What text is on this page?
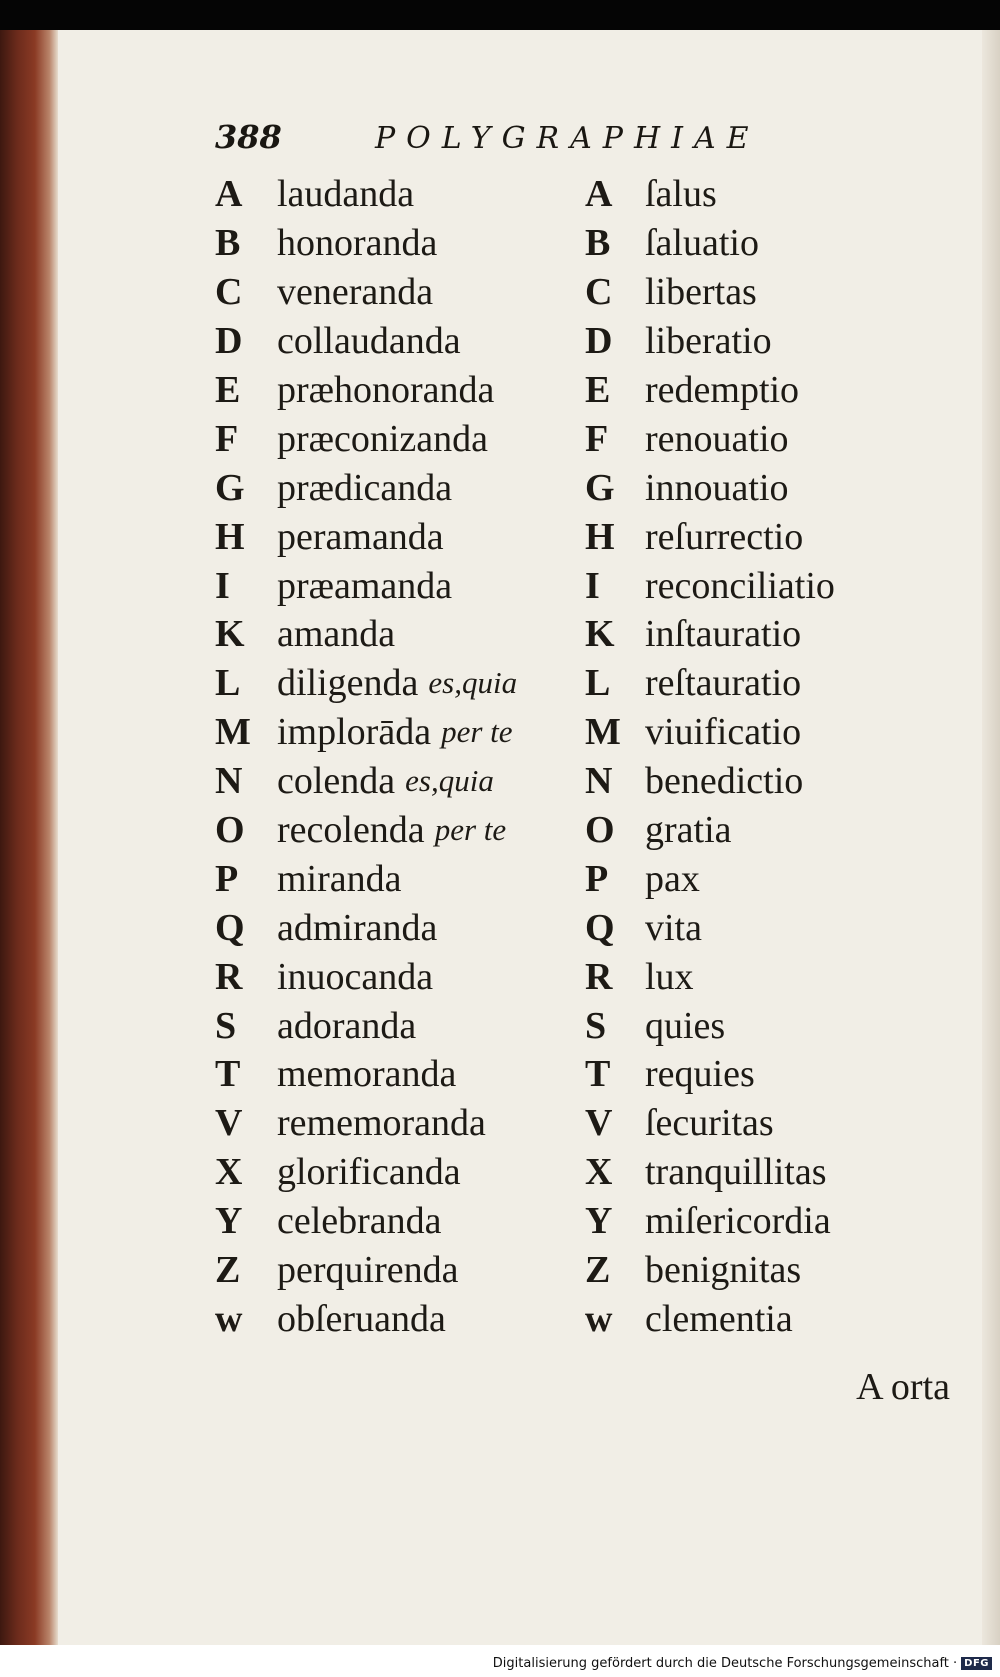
388	POLYGRAPHIAE
A laudanda
B honoranda
C veneranda
D collaudanda
E præhonoranda
F	præconizanda
G prædicanda
H peramanda
I	præamanda
K amanda
L diligenda es,quia
M implorāda per te
N colenda es,quia
O recolenda per te
P	miranda
Q admiranda
R inuocanda
S	adoranda
T memoranda
V rememoranda
X glorificanda
Y celebranda
Z perquirenda
w obſeruanda
A ſalus
B ſaluatio
C libertas
D liberatio
E redemptio
F renouatio
G innouatio
H reſurrectio
I	reconciliatio
K inſtauratio
L reſtauratio
M viuificatio
N benedictio
O gratia
P pax
Q vita
R lux
S	quies
T requies
V ſecuritas
X tranquillitas
Y miſericordia
Z benignitas
w clementia
A orta
Digitalisierung gefördert durch die Deutsche Forschungsgemeinschaft · DFG
